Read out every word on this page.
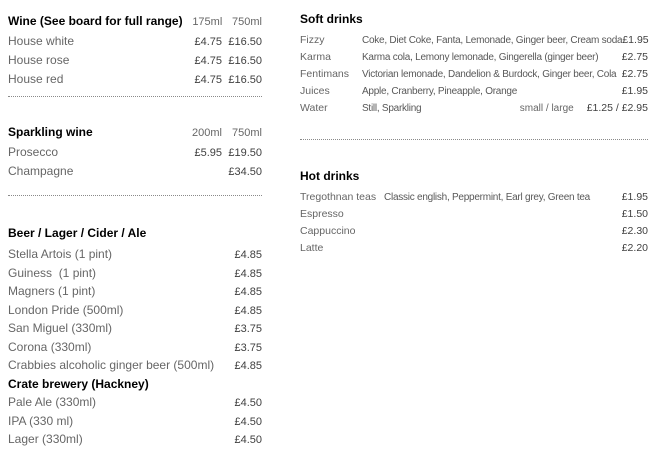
Wine (See board for full range) 175ml 750ml
House white	£4.75 £16.50
House rose	£4.75 £16.50
House red	£4.75 £16.50
Sparkling wine	200ml 750ml
Prosecco	£5.95 £19.50
Champagne	£34.50
Beer / Lager / Cider / Ale
Stella Artois (1 pint)	£4.85
Guiness  (1 pint)	£4.85
Magners (1 pint)	£4.85
London Pride (500ml)	£4.85
San Miguel (330ml)	£3.75
Corona (330ml)	£3.75
Crabbies alcoholic ginger beer (500ml)	£4.85
Crate brewery (Hackney)
Pale Ale (330ml)	£4.50
IPA (330 ml)	£4.50
Lager (330ml)	£4.50
Soft drinks
Fizzy	Coke, Diet Coke, Fanta, Lemonade, Ginger beer, Cream soda £1.95
Karma	Karma cola, Lemony lemonade, Gingerella (ginger beer) £2.75
Fentimans	Victorian lemonade, Dandelion & Burdock, Ginger beer, Cola £2.75
Juices	Apple, Cranberry, Pineapple, Orange	£1.95
Water	Still, Sparkling	small / large £1.25 / £2.95
Hot drinks
Tregothnan teas Classic english, Peppermint, Earl grey, Green tea	£1.95
Espresso	£1.50
Cappuccino	£2.30
Latte	£2.20
